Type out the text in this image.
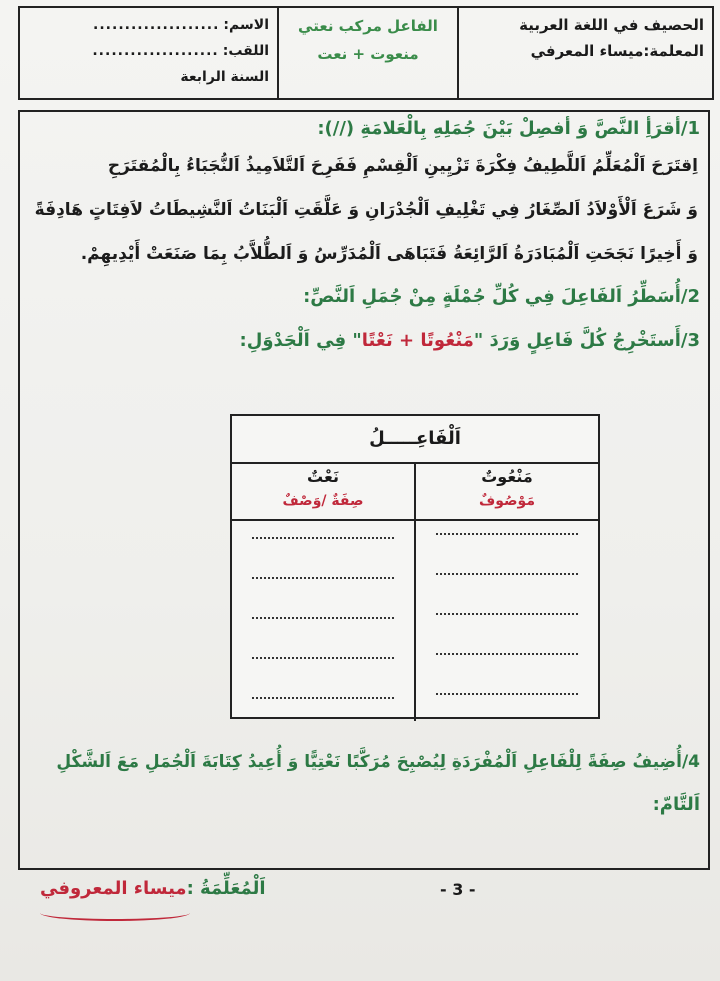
الحصيف في اللغة العربية
المعلمة:ميساء المعرفي
الفاعل مركب نعتي
منعوت + نعت
الاسم:
....................
اللقب:
....................
السنة الرابعة
1/أقرَأِ النَّصَّ وَ أفصِلْ بَيْنَ جُمَلِهِ بِالْعَلامَةِ (//):
اِقتَرَحَ اَلْمُعَلِّمُ اَللَّطِيفُ فِكْرَةَ تَزْيِينِ اَلْقِسْمِ فَفَرِحَ اَلتَّلاَمِيذُ اَلنُّجَبَاءُ بِالْمُقتَرَحِ
وَ شَرَعَ اَلْأَوْلاَدُ اَلصِّغَارُ فِي تَغْلِيفِ اَلْجُدْرَانِ وَ عَلَّقَتِ اَلْبَنَاتُ اَلنَّشِيطَاتُ لاَفِتَاتٍ هَادِفَةً
وَ أَخِيرًا نَجَحَتِ اَلْمُبَادَرَةُ اَلرَّائِعَةُ فَتَبَاهَى اَلْمُدَرِّسُ وَ اَلطُّلاَّبُ بِمَا صَنَعَتْ أَيْدِيهِمْ.
2/أُسَطِّرُ اَلفَاعِلَ فِي كُلِّ جُمْلَةٍ مِنْ جُمَلِ اَلنَّصِّ:
3/أَستَخْرِجُ كُلَّ فَاعِلٍ وَرَدَ "مَنْعُوتًا + نَعْتًا" فِي اَلْجَدْوَلِ:
اَلْفَاعِـــــلُ
مَنْعُوتٌ
مَوْصُوفٌ
نَعْتٌ
صِفَةٌ /وَصْفٌ
4/أُضِيفُ صِفَةً لِلْفَاعِلِ اَلْمُفْرَدَةِ لِيُصْبِحَ مُرَكَّبًا نَعْتِيًّا وَ أُعِيدُ كِتَابَةَ اَلْجُمَلِ مَعَ اَلشَّكْلِ
اَلتَّامّ:
اَلْمُعَلِّمَةُ :ميساء المعروفي	- 3 -
